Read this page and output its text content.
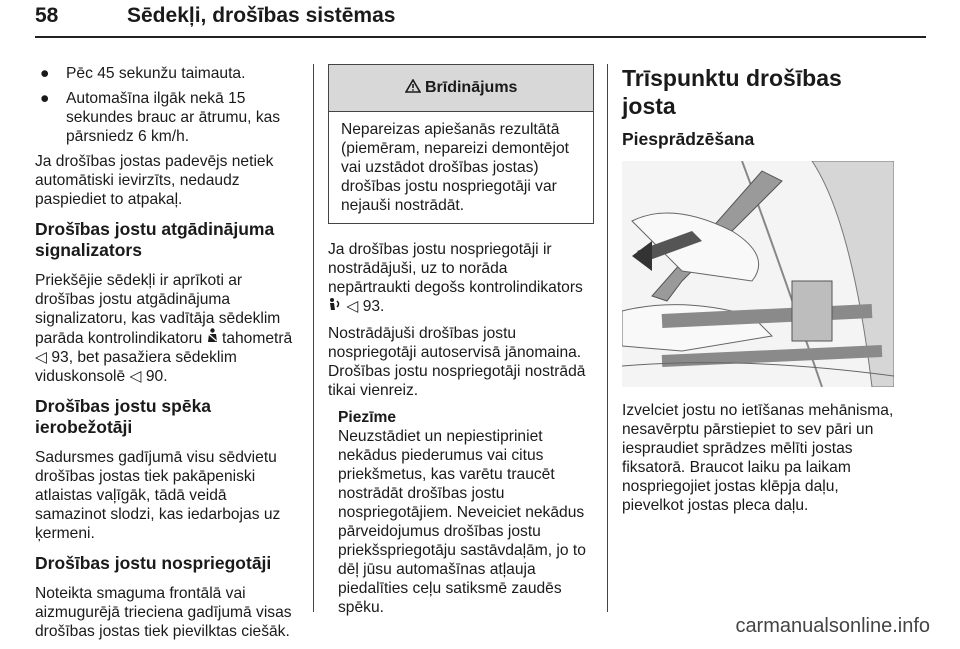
58	Sēdekļi, drošības sistēmas
● Pēc 45 sekunžu taimauta.
● Automašīna ilgāk nekā 15 sekundes brauc ar ātrumu, kas pārsniedz 6 km/h.

Ja drošības jostas padevējs netiek automātiski ievirzīts, nedaudz paspiediet to atpakaļ.

Drošības jostu atgādinājuma signalizators

Priekšējie sēdekļi ir aprīkoti ar drošības jostu atgādinājuma signalizatoru, kas vadītāja sēdeklim parāda kontrolindikatoru tahometrā
◁ 93, bet pasažiera sēdeklim viduskonsolē ◁ 90.

Drošības jostu spēka ierobežotāji

Sadursmes gadījumā visu sēdvietu drošības jostas tiek pakāpeniski atlaistas vaļīgāk, tādā veidā samazinot slodzi, kas iedarbojas uz ķermeni.

Drošības jostu nospriegotāji

Noteikta smaguma frontālā vai aizmugurējā trieciena gadījumā visas drošības jostas tiek pievilktas ciešāk.

Brīdinājums
Nepareizas apiešanās rezultātā (piemēram, nepareizi demontējot vai uzstādot drošības jostas) drošības jostu nospriegotāji var nejauši nostrādāt.

Ja drošības jostu nospriegotāji ir nostrādājuši, uz to norāda nepārtraukti degošs kontrolindikators  ◁ 93.

Nostrādājuši drošības jostu nospriegotāji autoservisā jānomaina. Drošības jostu nospriegotāji nostrādā tikai vienreiz.

Piezīme
Neuzstādiet un nepiestipriniet nekādus piederumus vai citus priekšmetus, kas varētu traucēt nostrādāt drošības jostu nospriegotājiem. Neveiciet nekādus pārveidojumus drošības jostu priekšspriegotāju sastāvdaļām, jo to dēļ jūsu automašīnas atļauja piedalīties ceļu satiksmē zaudēs spēku.
Trīspunktu drošības josta
Piesprādzēšana

Izvelciet jostu no ietīšanas mehānisma, nesavērptu pārstiepiet to sev pāri un iespraudiet sprādzes mēlīti jostas fiksatorā. Braucot laiku pa laikam nospriegojiet jostas klēpja daļu, pievelkot jostas pleca daļu.

carmanualsonline.info
